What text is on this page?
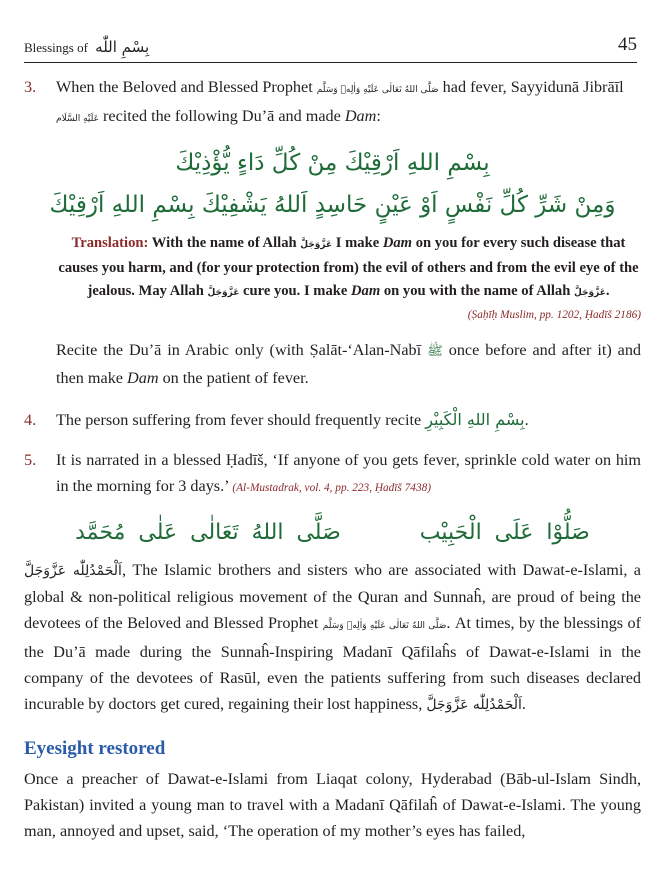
Blessings of بِسْمِ اللّٰه	45
3. When the Beloved and Blessed Prophet صَلَّى اللهُ تَعَالٰى عَلَيْهِ وَاٰلِهٖ وَسَلَّم had fever, Sayyidunā Jibrāīl عَلَيْهِ السَّلَام recited the following Du’ā and made Dam:

بِسْمِ اللهِ اَرْقِيْكَ مِنْ كُلِّ دَاءٍ يُّؤْذِيْكَ
وَمِنْ شَرِّ كُلِّ نَفْسٍ اَوْ عَيْنٍ حَاسِدٍ اَللهُ يَشْفِيْكَ بِسْمِ اللهِ اَرْقِيْكَ

Translation: With the name of Allah عَزَّوَجَلَّ I make Dam on you for every such disease that causes you harm, and (for your protection from) the evil of others and from the evil eye of the jealous. May Allah عَزَّوَجَلَّ cure you. I make Dam on you with the name of Allah عَزَّوَجَلَّ.

(Ṣaḥīḥ Muslim, pp. 1202, Ḥadīš 2186)

Recite the Du’ā in Arabic only (with Ṣalāt-‘Alan-Nabī ﷺ once before and after it) and then make Dam on the patient of fever.

4. The person suffering from fever should frequently recite بِسْمِ اللهِ الْكَبِيْرِ.

5. It is narrated in a blessed Ḥadīš, ‘If anyone of you gets fever, sprinkle cold water on him in the morning for 3 days.’ (Al-Mustadrak, vol. 4, pp. 223, Ḥadīš 7438)

صَلَّى اللهُ تَعَالٰى عَلٰى مُحَمَّد	صَلُّوْا عَلَى الْحَبِيْب

اَلْحَمْدُلِلّٰه عَزَّوَجَلَّ, The Islamic brothers and sisters who are associated with Dawat-e-Islami, a global & non-political religious movement of the Quran and Sunnaĥ, are proud of being the devotees of the Beloved and Blessed Prophet صَلَّى اللهُ تَعَالٰى عَلَيْهِ وَاٰلِهٖ وَسَلَّم. At times, by the blessings of the Du’ā made during the Sunnaĥ-Inspiring Madanī Qāfilaĥs of Dawat-e-Islami in the company of the devotees of Rasūl, even the patients suffering from such diseases declared incurable by doctors get cured, regaining their lost happiness, اَلْحَمْدُلِلّٰه عَزَّوَجَلَّ.

Eyesight restored

Once a preacher of Dawat-e-Islami from Liaqat colony, Hyderabad (Bāb-ul-Islam Sindh, Pakistan) invited a young man to travel with a Madanī Qāfilaĥ of Dawat-e-Islami. The young man, annoyed and upset, said, ‘The operation of my mother’s eyes has failed,
